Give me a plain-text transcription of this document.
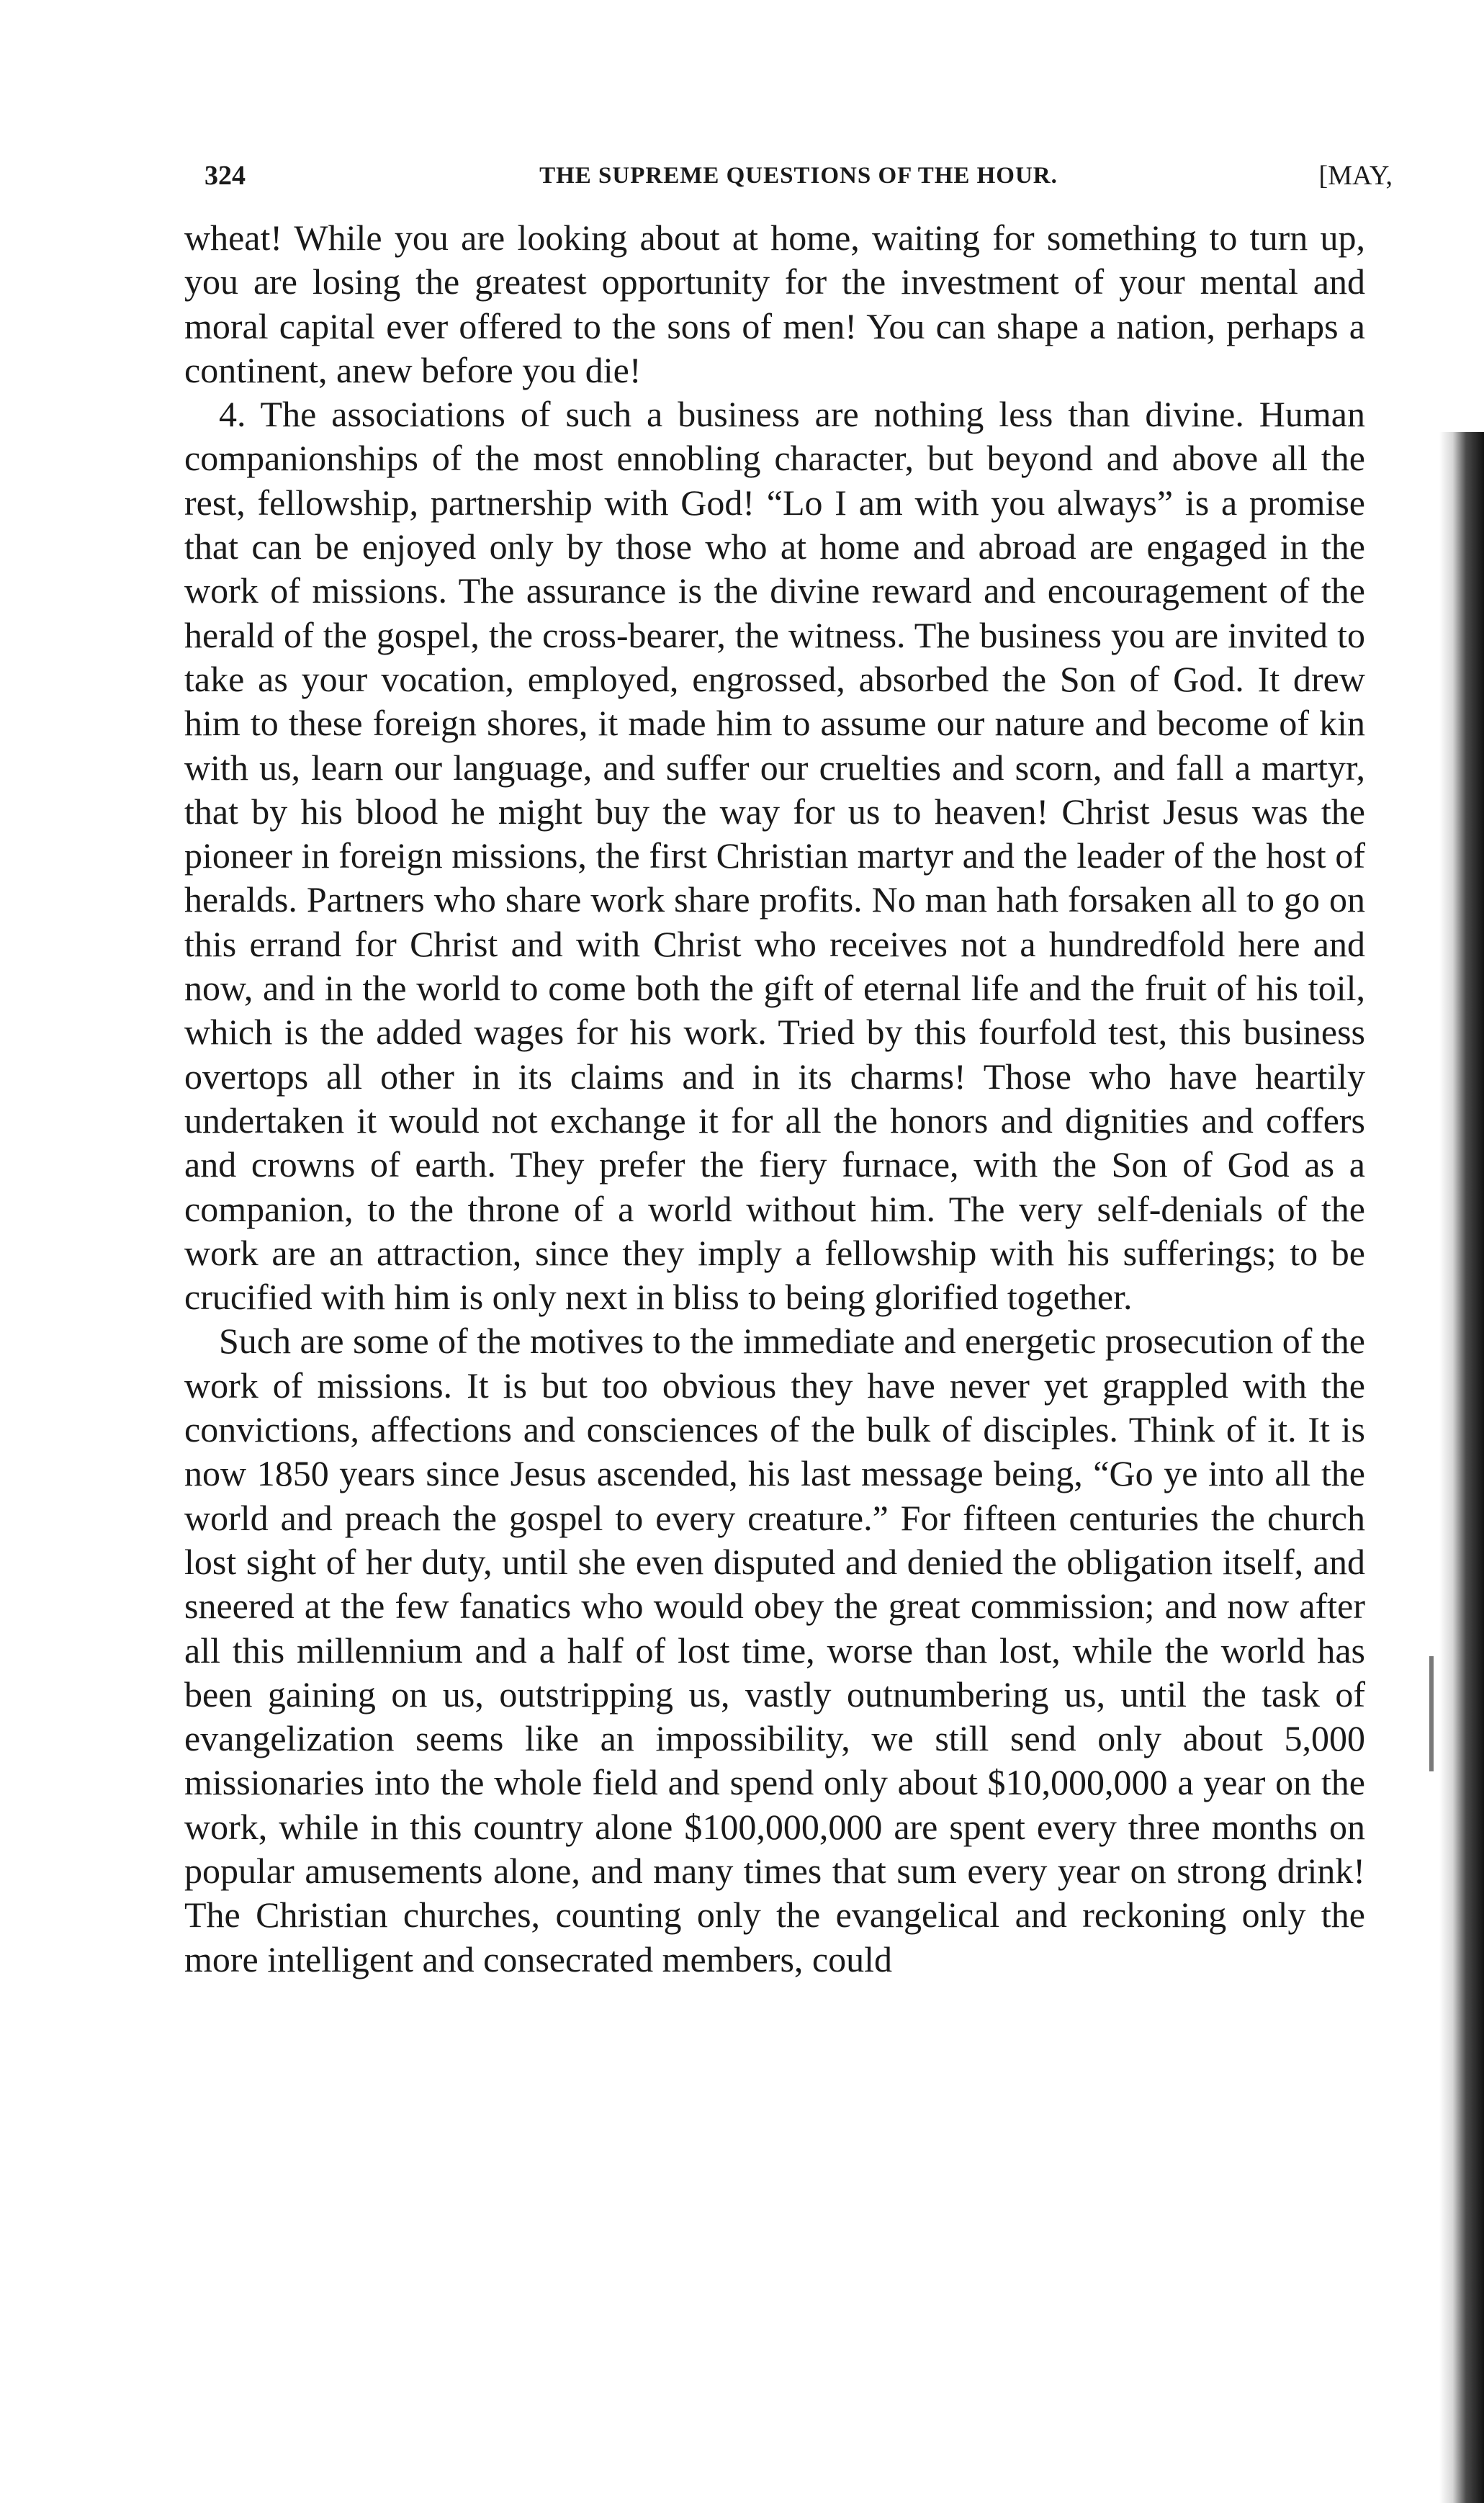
324	THE SUPREME QUESTIONS OF THE HOUR.	[MAY,

wheat! While you are looking about at home, waiting for something to turn up, you are losing the greatest opportunity for the investment of your mental and moral capital ever offered to the sons of men! You can shape a nation, perhaps a continent, anew before you die!

4. The associations of such a business are nothing less than divine. Human companionships of the most ennobling character, but beyond and above all the rest, fellowship, partnership with God! “Lo I am with you always” is a promise that can be enjoyed only by those who at home and abroad are engaged in the work of missions. The assurance is the divine reward and encouragement of the herald of the gospel, the cross-bearer, the witness. The business you are invited to take as your vocation, employed, engrossed, absorbed the Son of God. It drew him to these foreign shores, it made him to assume our nature and become of kin with us, learn our language, and suffer our cruelties and scorn, and fall a martyr, that by his blood he might buy the way for us to heaven! Christ Jesus was the pioneer in foreign missions, the first Christian martyr and the leader of the host of heralds. Partners who share work share profits. No man hath forsaken all to go on this errand for Christ and with Christ who receives not a hundredfold here and now, and in the world to come both the gift of eternal life and the fruit of his toil, which is the added wages for his work. Tried by this fourfold test, this business overtops all other in its claims and in its charms! Those who have heartily undertaken it would not exchange it for all the honors and dignities and coffers and crowns of earth. They prefer the fiery furnace, with the Son of God as a companion, to the throne of a world without him. The very self-denials of the work are an attraction, since they imply a fellowship with his sufferings; to be crucified with him is only next in bliss to being glorified together.

Such are some of the motives to the immediate and energetic prosecution of the work of missions. It is but too obvious they have never yet grappled with the convictions, affections and consciences of the bulk of disciples. Think of it. It is now 1850 years since Jesus ascended, his last message being, “Go ye into all the world and preach the gospel to every creature.” For fifteen centuries the church lost sight of her duty, until she even disputed and denied the obligation itself, and sneered at the few fanatics who would obey the great commission; and now after all this millennium and a half of lost time, worse than lost, while the world has been gaining on us, outstripping us, vastly outnumbering us, until the task of evangelization seems like an impossibility, we still send only about 5,000 missionaries into the whole field and spend only about $10,000,000 a year on the work, while in this country alone $100,000,000 are spent every three months on popular amusements alone, and many times that sum every year on strong drink! The Christian churches, counting only the evangelical and reckoning only the more intelligent and consecrated members, could
